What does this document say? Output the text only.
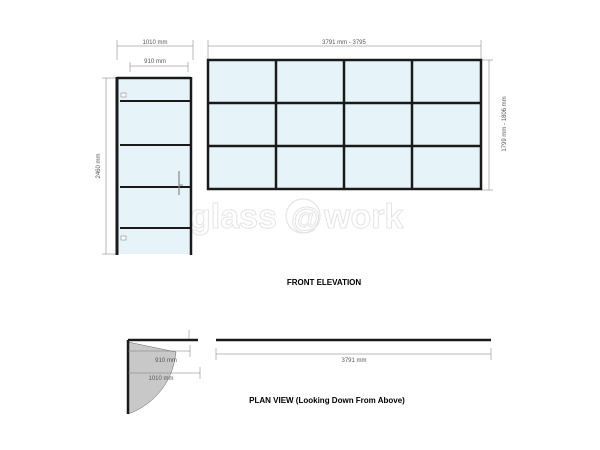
glass @ work
1010 mm
910 mm
2460 mm
3791 mm - 3795
1799 mm - 1806 mm
FRONT ELEVATION
910 mm
1010 mm
3791 mm
PLAN VIEW (Looking Down From Above)
